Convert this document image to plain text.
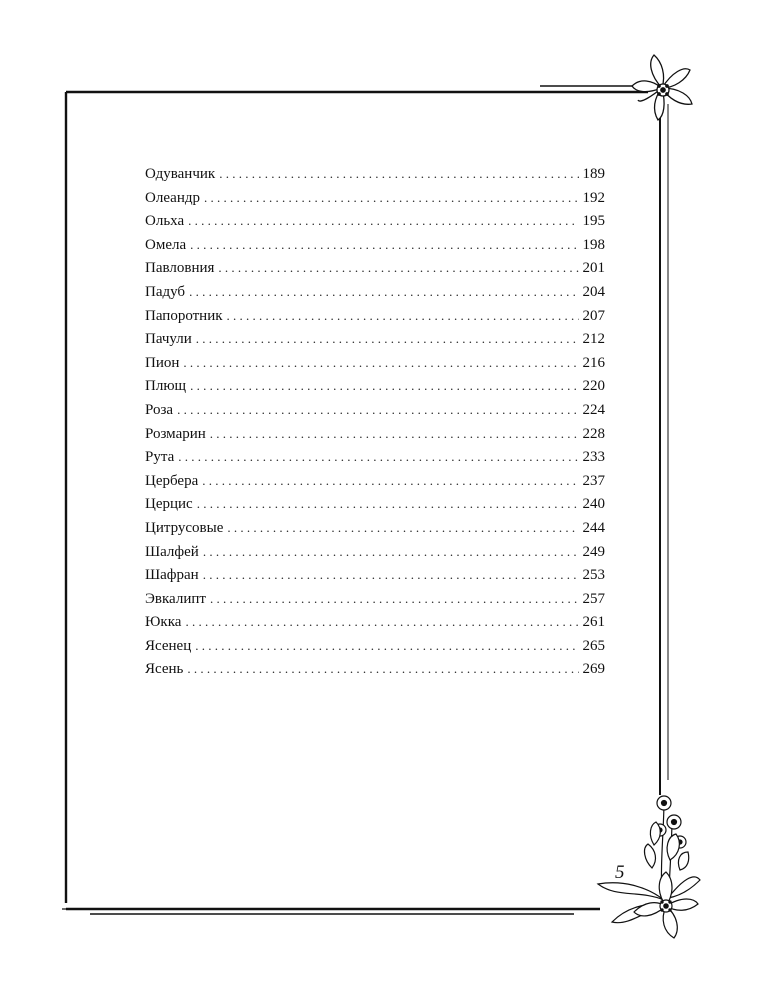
Одуванчик . . .	189
Олеандр . . .	192
Ольха . . .	195
Омела . . .	198
Павловния . . .	201
Падуб . . .	204
Папоротник . . .	207
Пачули . . .	212
Пион . . .	216
Плющ . . .	220
Роза . . .	224
Розмарин . . .	228
Рута . . .	233
Цербера . . .	237
Церцис . . .	240
Цитрусовые . . .	244
Шалфей . . .	249
Шафран . . .	253
Эвкалипт . . .	257
Юкка . . .	261
Ясенец . . .	265
Ясень . . .	269
5
